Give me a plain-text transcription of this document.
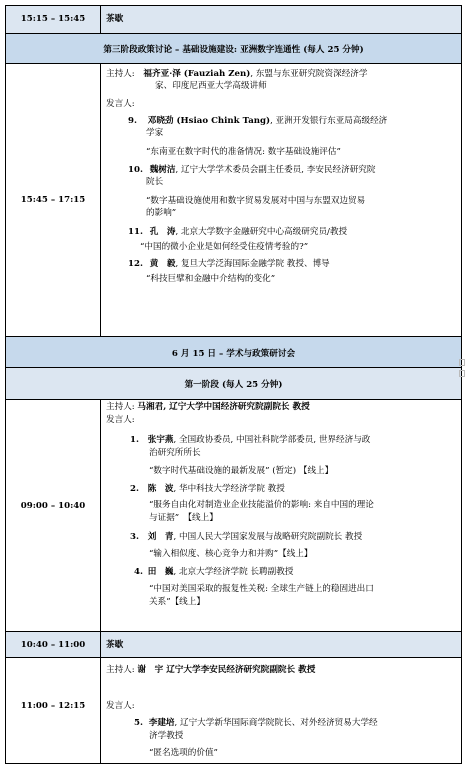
15:15 – 15:45	茶歇
第三阶段政策讨论 – 基础设施建设: 亚洲数字连通性 (每人 25 分钟)
15:45 – 17:15
主持人: 福齐亚·泽 (Fauziah Zen), 东盟与东亚研究院资深经济学
家、印度尼西亚大学高级讲师
发言人:
9. 邓晓劲 (Hsiao Chink Tang), 亚洲开发银行东亚局高级经济
学家
“东南亚在数字时代的准备情况: 数字基础设施评估”
10. 魏树洁, 辽宁大学学术委员会副主任委员, 李安民经济研究院
院长
“数字基础设施使用和数字贸易发展对中国与东盟双边贸易
的影响”
11. 孔　涛, 北京大学数字金融研究中心高级研究员/教授
“中国的微小企业是如何经受住疫情考验的?”
12. 黄　毅, 复旦大学泛海国际金融学院 教授、博导
“科技巨擘和金融中介结构的变化”
6 月 15 日 – 学术与政策研讨会
第一阶段 (每人 25 分钟)
09:00 – 10:40
主持人: 马湘君, 辽宁大学中国经济研究院副院长 教授
发言人:
1. 张宇燕, 全国政协委员, 中国社科院学部委员, 世界经济与政
治研究所所长
“数字时代基础设施的最新发展” (暂定) 【线上】
2. 陈　波, 华中科技大学经济学院 教授
“服务自由化对制造业企业技能溢价的影响: 来自中国的理论
与证据”　【线上】
3. 刘　青, 中国人民大学国家发展与战略研究院副院长 教授
“输入相似度、核心竞争力和并购”【线上】
4. 田　巍, 北京大学经济学院 长聘副教授
“中国对美国采取的报复性关税: 全球生产链上的稳固进出口
关系”【线上】
10:40 – 11:00	茶歇
11:00 – 12:15
主持人: 谢　宇 辽宁大学李安民经济研究院副院长 教授
发言人:
5. 李建培, 辽宁大学新华国际商学院院长、对外经济贸易大学经
济学教授
“匿名选项的价值”
